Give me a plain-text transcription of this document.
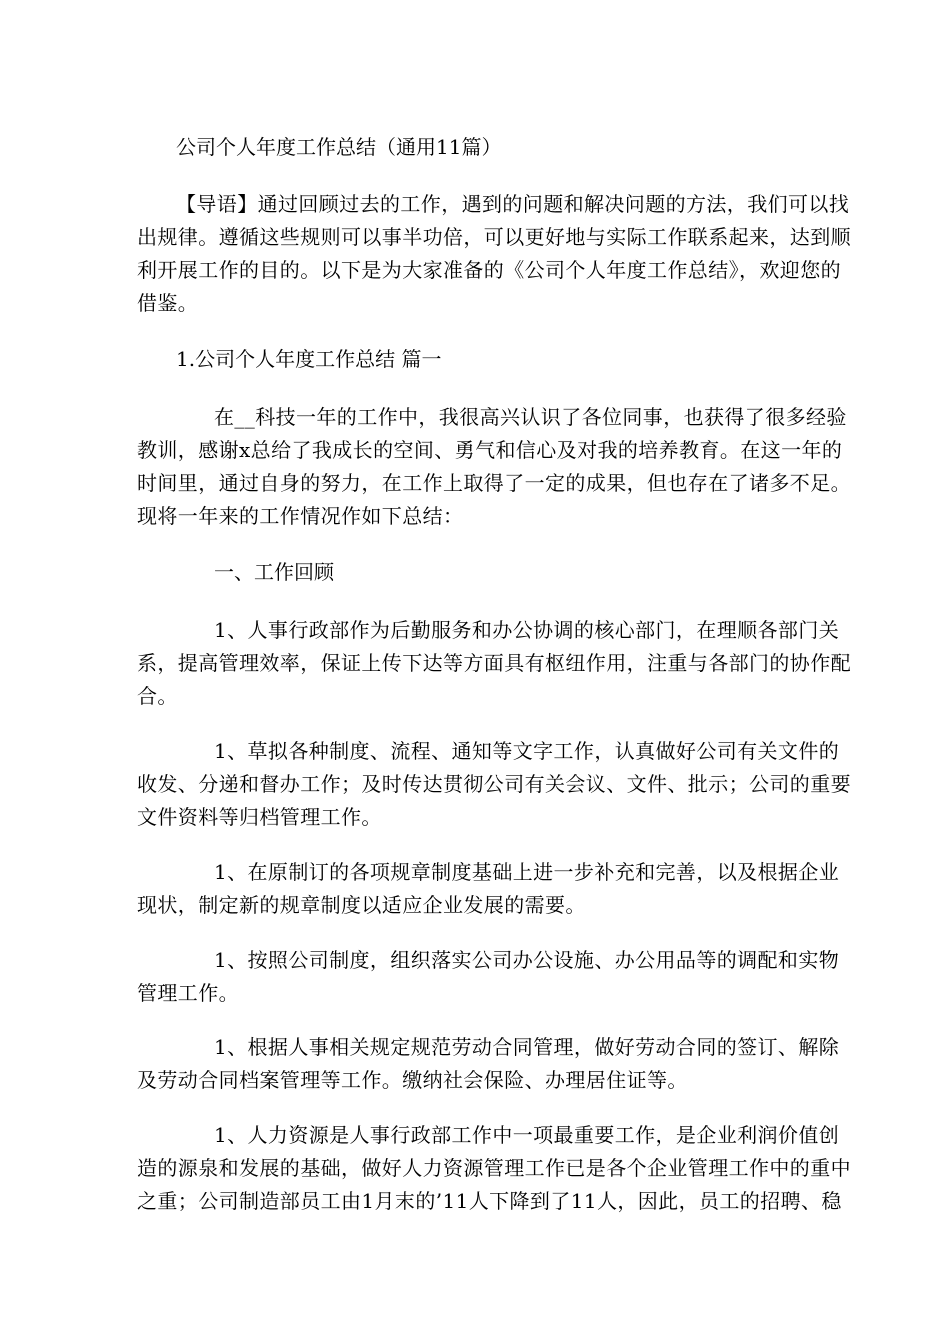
公司个人年度工作总结（通用11篇）
【导语】通过回顾过去的工作，遇到的问题和解决问题的方法，我们可以找
出规律。遵循这些规则可以事半功倍，可以更好地与实际工作联系起来，达到顺
利开展工作的目的。以下是为大家准备的《公司个人年度工作总结》，欢迎您的
借鉴。
1.公司个人年度工作总结 篇一
在__科技一年的工作中，我很高兴认识了各位同事，也获得了很多经验
教训，感谢x总给了我成长的空间、勇气和信心及对我的培养教育。在这一年的
时间里，通过自身的努力，在工作上取得了一定的成果，但也存在了诸多不足。
现将一年来的工作情况作如下总结：
一、工作回顾
1、人事行政部作为后勤服务和办公协调的核心部门，在理顺各部门关
系，提高管理效率，保证上传下达等方面具有枢纽作用，注重与各部门的协作配
合。
1、草拟各种制度、流程、通知等文字工作，认真做好公司有关文件的
收发、分递和督办工作；及时传达贯彻公司有关会议、文件、批示；公司的重要
文件资料等归档管理工作。
1、在原制订的各项规章制度基础上进一步补充和完善，以及根据企业
现状，制定新的规章制度以适应企业发展的需要。
1、按照公司制度，组织落实公司办公设施、办公用品等的调配和实物
管理工作。
1、根据人事相关规定规范劳动合同管理，做好劳动合同的签订、解除
及劳动合同档案管理等工作。缴纳社会保险、办理居住证等。
1、人力资源是人事行政部工作中一项最重要工作，是企业利润价值创
造的源泉和发展的基础，做好人力资源管理工作已是各个企业管理工作中的重中
之重；公司制造部员工由1月末的’11人下降到了11人，因此，员工的招聘、稳
